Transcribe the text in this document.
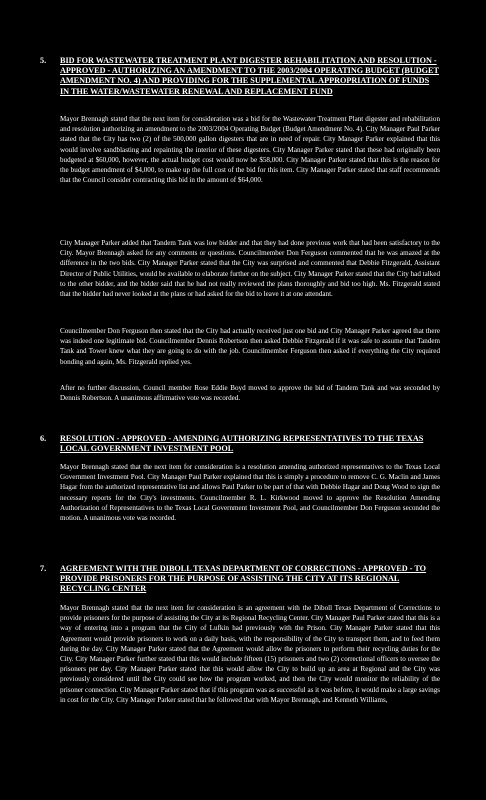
5. BID FOR WASTEWATER TREATMENT PLANT DIGESTER REHABILITATION AND RESOLUTION - APPROVED - AUTHORIZING AN AMENDMENT TO THE 2003/2004 OPERATING BUDGET (BUDGET AMENDMENT NO. 4) AND PROVIDING FOR THE SUPPLEMENTAL APPROPRIATION OF FUNDS IN THE WATER/WASTEWATER RENEWAL AND REPLACEMENT FUND

Mayor Brennagh stated that the next item for consideration was a bid for the Wastewater Treatment Plant digester and rehabilitation and resolution authorizing an amendment to the 2003/2004 Operating Budget (Budget Amendment No. 4). City Manager Paul Parker stated that the City has two (2) of the 500,000 gallon digesters that are in need of repair. City Manager Parker explained that this would involve sandblasting and repainting the interior of these digesters. City Manager Parker stated that these had originally been budgeted at $60,000, however, the actual budget cost would now be $58,000. City Manager Parker stated that this is the reason for the budget amendment of $4,000, to make up the full cost of the bid for this item. City Manager Parker stated that staff recommends that the Council consider contracting this bid in the amount of $64,000.

City Manager Parker added that Tandem Tank was low bidder and that they had done previous work that had been satisfactory to the City. Mayor Brennagh asked for any comments or questions. Councilmember Don Ferguson commented that he was amazed at the difference in the two bids. City Manager Parker stated that the City was surprised and commented that Debbie Fitzgerald, Assistant Director of Public Utilities, would be available to elaborate further on the subject. City Manager Parker stated that the City had talked to the other bidder, and the bidder said that he had not really reviewed the plans thoroughly and bid too high. Ms. Fitzgerald stated that the bidder had never looked at the plans or had asked for the bid to leave it at one attendant.

Councilmember Don Ferguson then stated that the City had actually received just one bid and City Manager Parker agreed that there was indeed one legitimate bid. Councilmember Dennis Robertson then asked Debbie Fitzgerald if it was safe to assume that Tandem Tank and Tower knew what they are going to do with the job. Councilmember Ferguson then asked if everything the City required bonding and again, Ms. Fitzgerald replied yes.

After no further discussion, Council member Rose Eddie Boyd moved to approve the bid of Tandem Tank and was seconded by Dennis Robertson. A unanimous affirmative vote was recorded.

6. RESOLUTION - APPROVED - AMENDING AUTHORIZING REPRESENTATIVES TO THE TEXAS LOCAL GOVERNMENT INVESTMENT POOL

Mayor Brennagh stated that the next item for consideration is a resolution amending authorized representatives to the Texas Local Government Investment Pool. City Manager Paul Parker explained that this is simply a procedure to remove C. G. Maclin and James Hagar from the authorized representative list and allows Paul Parker to be part of that with Debbie Hagar and Doug Wood to sign the necessary reports for the City's investments. Councilmember R. L. Kirkwood moved to approve the Resolution Amending Authorization of Representatives to the Texas Local Government Investment Pool, and Councilmember Don Ferguson seconded the motion. A unanimous vote was recorded.

7. AGREEMENT WITH THE DIBOLL TEXAS DEPARTMENT OF CORRECTIONS - APPROVED - TO PROVIDE PRISONERS FOR THE PURPOSE OF ASSISTING THE CITY AT ITS REGIONAL RECYCLING CENTER

Mayor Brennagh stated that the next item for consideration is an agreement with the Diboll Texas Department of Corrections to provide prisoners for the purpose of assisting the City at its Regional Recycling Center. City Manager Paul Parker stated that this is a way of entering into a program that the City of Lufkin had previously with the Prison. City Manager Parker stated that this Agreement would provide prisoners to work on a daily basis, with the responsibility of the City to transport them, and to feed them during the day. City Manager Parker stated that the Agreement would allow the prisoners to perform their recycling duties for the City. City Manager Parker further stated that this would include fifteen (15) prisoners and two (2) correctional officers to oversee the prisoners per day. City Manager Parker stated that this would allow the City to build up an area at Regional and the City was previously considered until the City could see how the program worked, and then the City would monitor the reliability of the prisoner connection. City Manager Parker stated that if this program was as successful as it was before, it would make a large savings in cost for the City. City Manager Parker stated that he followed that with Mayor Brennagh, and Kenneth Williams,
